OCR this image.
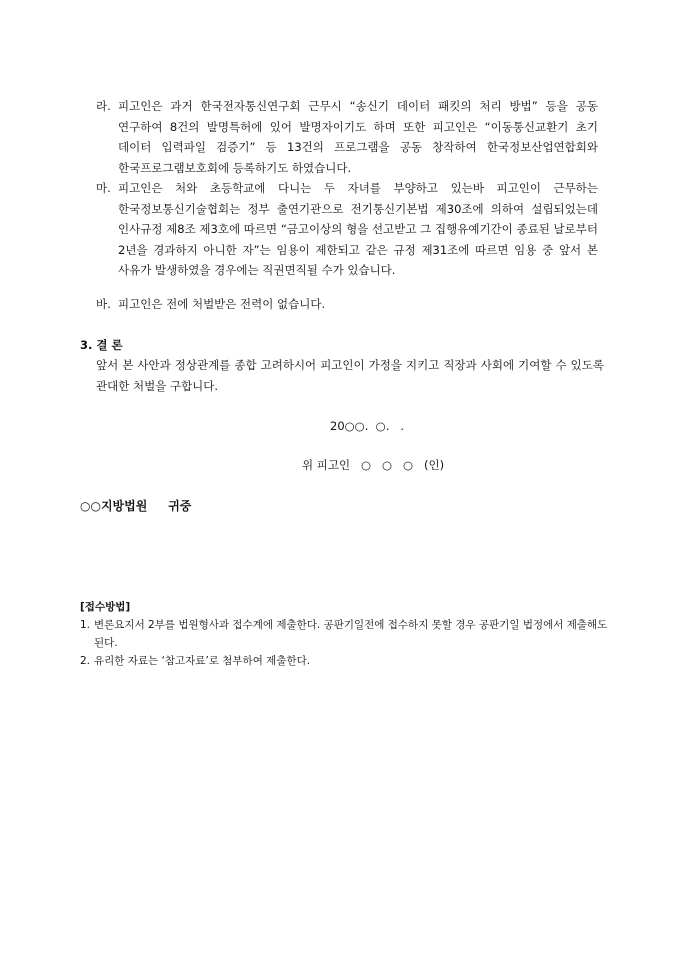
라. 피고인은 과거 한국전자통신연구회 근무시 “송신기 데이터 패킷의 처리 방법” 등을 공동 연구하여 8건의 발명특허에 있어 발명자이기도 하며 또한 피고인은 “이동통신교환기 초기 데이터 입력파일 검증기” 등 13건의 프로그램을 공동 창작하여 한국정보산업연합회와 한국프로그램보호회에 등록하기도 하였습니다.
마. 피고인은 처와 초등학교에 다니는 두 자녀를 부양하고 있는바 피고인이 근무하는 한국정보통신기술협회는 정부 출연기관으로 전기통신기본법 제30조에 의하여 설립되었는데 인사규정 제8조 제3호에 따르면 “금고이상의 형을 선고받고 그 집행유예기간이 종료된 날로부터 2년을 경과하지 아니한 자”는 임용이 제한되고 같은 규정 제31조에 따르면 임용 중 앞서 본 사유가 발생하였을 경우에는 직권면직될 수가 있습니다.
바. 피고인은 전에 처벌받은 전력이 없습니다.
3. 결 론
앞서 본 사안과 정상관계를 종합 고려하시어 피고인이 가정을 지키고 직장과 사회에 기여할 수 있도록 관대한 처벌을 구합니다.
20○○.  ○.   .
위 피고인   ○   ○   ○   (인)
○○지방법원     귀중
[접수방법]
1. 변론요지서 2부를 법원형사과 접수계에 제출한다. 공판기일전에 접수하지 못할 경우 공판기일 법정에서 제출해도 된다.
2. 유리한 자료는 ‘참고자료’로 첨부하여 제출한다.
